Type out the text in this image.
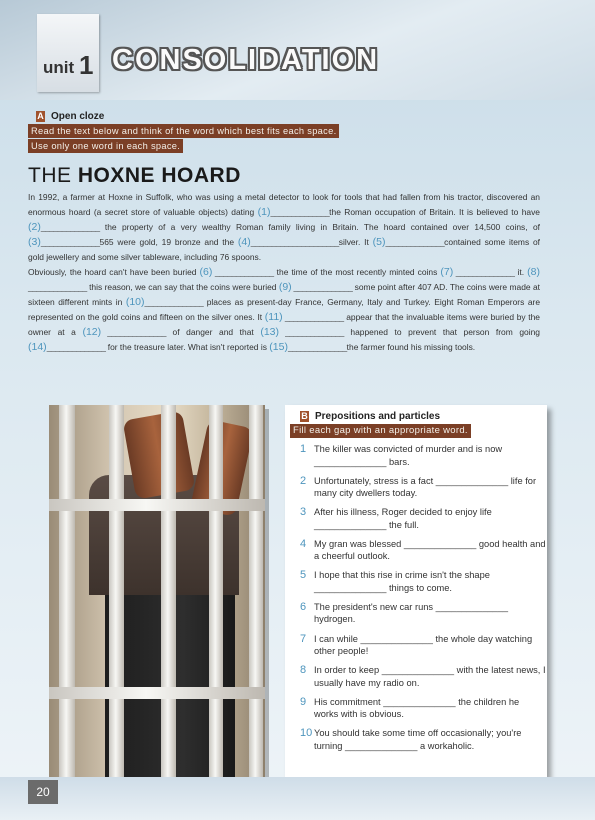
unit 1 CONSOLIDATION
A Open cloze
Read the text below and think of the word which best fits each space.
Use only one word in each space.
THE HOXNE HOARD

In 1992, a farmer at Hoxne in Suffolk, who was using a metal detector to look for tools that had fallen from his tractor, discovered an enormous hoard (a secret store of valuable objects) dating (1)______________the Roman occupation of Britain. It is believed to have (2)______________ the property of a very wealthy Roman family living in Britain. The hoard contained over 14,500 coins, of (3)______________565 were gold, 19 bronze and the (4)_____________________silver. It (5)______________contained some items of gold jewellery and some silver tableware, including 76 spoons.

Obviously, the hoard can't have been buried (6) ______________ the time of the most recently minted coins (7) ______________ it. (8) ______________ this reason, we can say that the coins were buried (9) ______________ some point after 407 AD. The coins were made at sixteen different mints in (10)______________ places as present-day France, Germany, Italy and Turkey. Eight Roman Emperors are represented on the gold coins and fifteen on the silver ones. It (11) ______________ appear that the invaluable items were buried by the owner at a (12) ______________ of danger and that (13) ______________ happened to prevent that person from going (14)______________ for the treasure later. What isn't reported is (15)______________the farmer found his missing tools.

B Prepositions and particles
Fill each gap with an appropriate word.
1 The killer was convicted of murder and is now ______________ bars.
2 Unfortunately, stress is a fact ______________ life for many city dwellers today.
3 After his illness, Roger decided to enjoy life ______________ the full.
4 My gran was blessed ______________ good health and a cheerful outlook.
5 I hope that this rise in crime isn't the shape ______________ things to come.
6 The president's new car runs ______________ hydrogen.
7 I can while ______________ the whole day watching other people!
8 In order to keep ______________ with the latest news, I usually have my radio on.
9 His commitment ______________ the children he works with is obvious.
10 You should take some time off occasionally; you're turning ______________ a workaholic.
20
